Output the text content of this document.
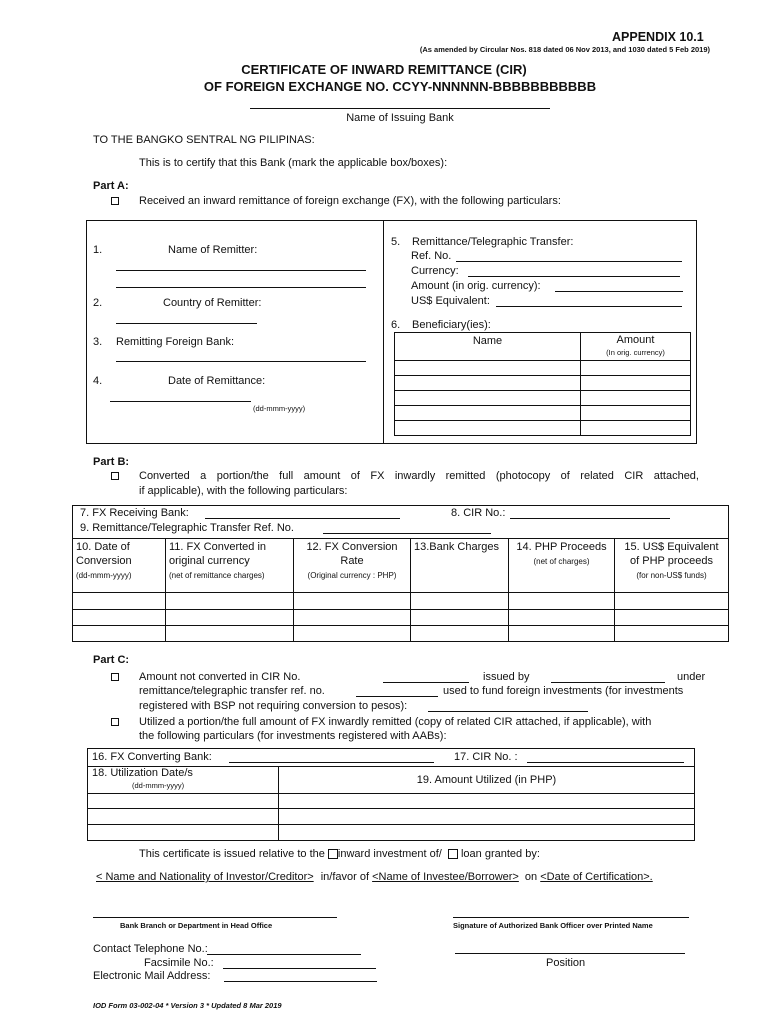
APPENDIX 10.1
(As amended by Circular Nos. 818 dated 06 Nov 2013, and 1030 dated 5 Feb 2019)
CERTIFICATE OF INWARD REMITTANCE (CIR)
OF FOREIGN EXCHANGE NO. CCYY-NNNNNN-BBBBBBBBBBB
Name of Issuing Bank
TO THE BANGKO SENTRAL NG PILIPINAS:
This is to certify that this Bank (mark the applicable box/boxes):
Part A:
Received an inward remittance of foreign exchange (FX), with the following particulars:
1.	Name of Remitter:
2.	Country of Remitter:
3. Remitting Foreign Bank:
4.	Date of Remittance:
(dd-mmm-yyyy)
5. Remittance/Telegraphic Transfer:
Ref. No.
Currency:
Amount (in orig. currency):
US$ Equivalent:
6. Beneficiary(ies):
Name	Amount
(In orig. currency)

Part B:
Converted a portion/the full amount of FX inwardly remitted (photocopy of related CIR attached,
if applicable), with the following particulars:
7. FX Receiving Bank:	8. CIR No.:
9. Remittance/Telegraphic Transfer Ref. No.
10. Date of
Conversion
(dd-mmm-yyyy)	11. FX Converted in
original currency
(net of remittance charges)	12. FX Conversion
Rate
(Original currency : PHP)	13.Bank Charges	14. PHP Proceeds
(net of charges)	15. US$ Equivalent
of PHP proceeds
(for non-US$ funds)

Part C:
Amount not converted in CIR No.	issued by	under
remittance/telegraphic transfer ref. no.	used to fund foreign investments (for investments
registered with BSP not requiring conversion to pesos):
Utilized a portion/the full amount of FX inwardly remitted (copy of related CIR attached, if applicable), with
the following particulars (for investments registered with AABs):
16. FX Converting Bank:	17. CIR No. :
18. Utilization Date/s
(dd-mmm-yyyy)	19. Amount Utilized (in PHP)

This certificate is issued relative to the inward investment of/ loan granted by:
< Name and Nationality of Investor/Creditor> in/favor of <Name of Investee/Borrower> on <Date of Certification>.
Bank Branch or Department in Head Office	Signature of Authorized Bank Officer over Printed Name
Contact Telephone No.:
Position
Facsimile No.:
Electronic Mail Address:
IOD Form 03-002-04 * Version 3 * Updated 8 Mar 2019
